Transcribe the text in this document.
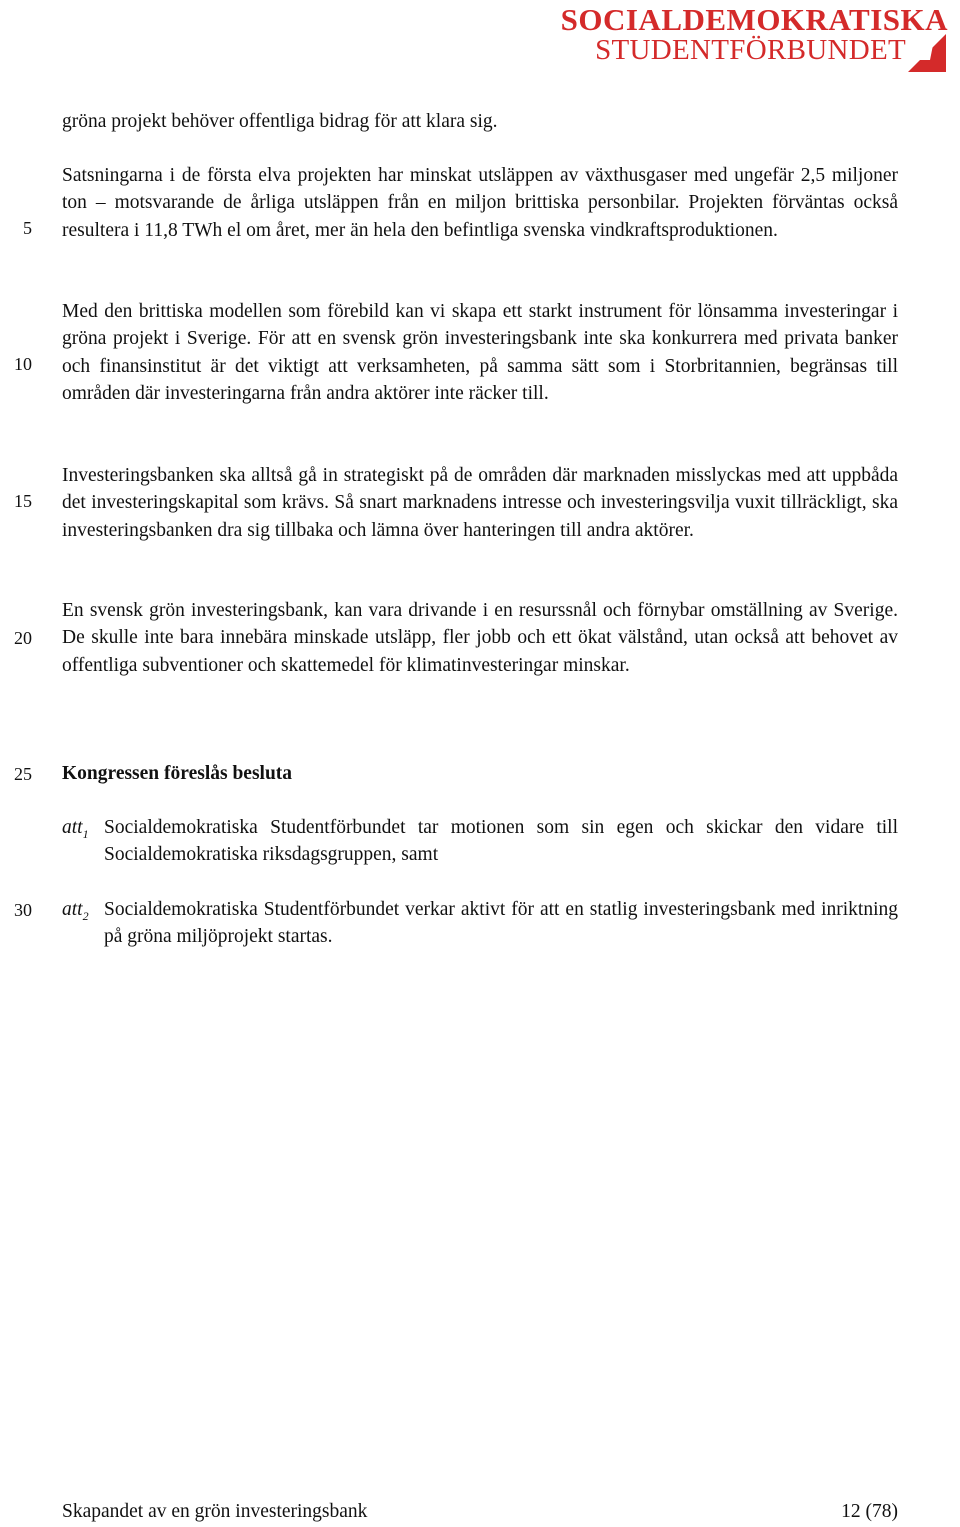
SOCIALDEMOKRATISKA
STUDENTFÖRBUNDET
5
10
15
20
25
30
gröna projekt behöver offentliga bidrag för att klara sig.
Satsningarna i de första elva projekten har minskat utsläppen av växthusgaser med ungefär 2,5 miljoner ton – motsvarande de årliga utsläppen från en miljon brittiska personbilar. Projekten förväntas också resultera i 11,8 TWh el om året, mer än hela den befintliga svenska vindkraftsproduktionen.
Med den brittiska modellen som förebild kan vi skapa ett starkt instrument för lönsamma investeringar i gröna projekt i Sverige. För att en svensk grön investeringsbank inte ska konkurrera med privata banker och finansinstitut är det viktigt att verksamheten, på samma sätt som i Storbritannien, begränsas till områden där investeringarna från andra aktörer inte räcker till.
Investeringsbanken ska alltså gå in strategiskt på de områden där marknaden misslyckas med att uppbåda det investeringskapital som krävs. Så snart marknadens intresse och investeringsvilja vuxit tillräckligt, ska investeringsbanken dra sig tillbaka och lämna över hanteringen till andra aktörer.
En svensk grön investeringsbank, kan vara drivande i en resurssnål och förnybar omställning av Sverige. De skulle inte bara innebära minskade utsläpp, fler jobb och ett ökat välstånd, utan också att behovet av offentliga subventioner och skattemedel för klimatinvesteringar minskar.
Kongressen föreslås besluta
att$_1$ Socialdemokratiska Studentförbundet tar motionen som sin egen och skickar den vidare till Socialdemokratiska riksdagsgruppen, samt
att$_2$ Socialdemokratiska Studentförbundet verkar aktivt för att en statlig investeringsbank med inriktning på gröna miljöprojekt startas.
Skapandet av en grön investeringsbank	12 (78)
